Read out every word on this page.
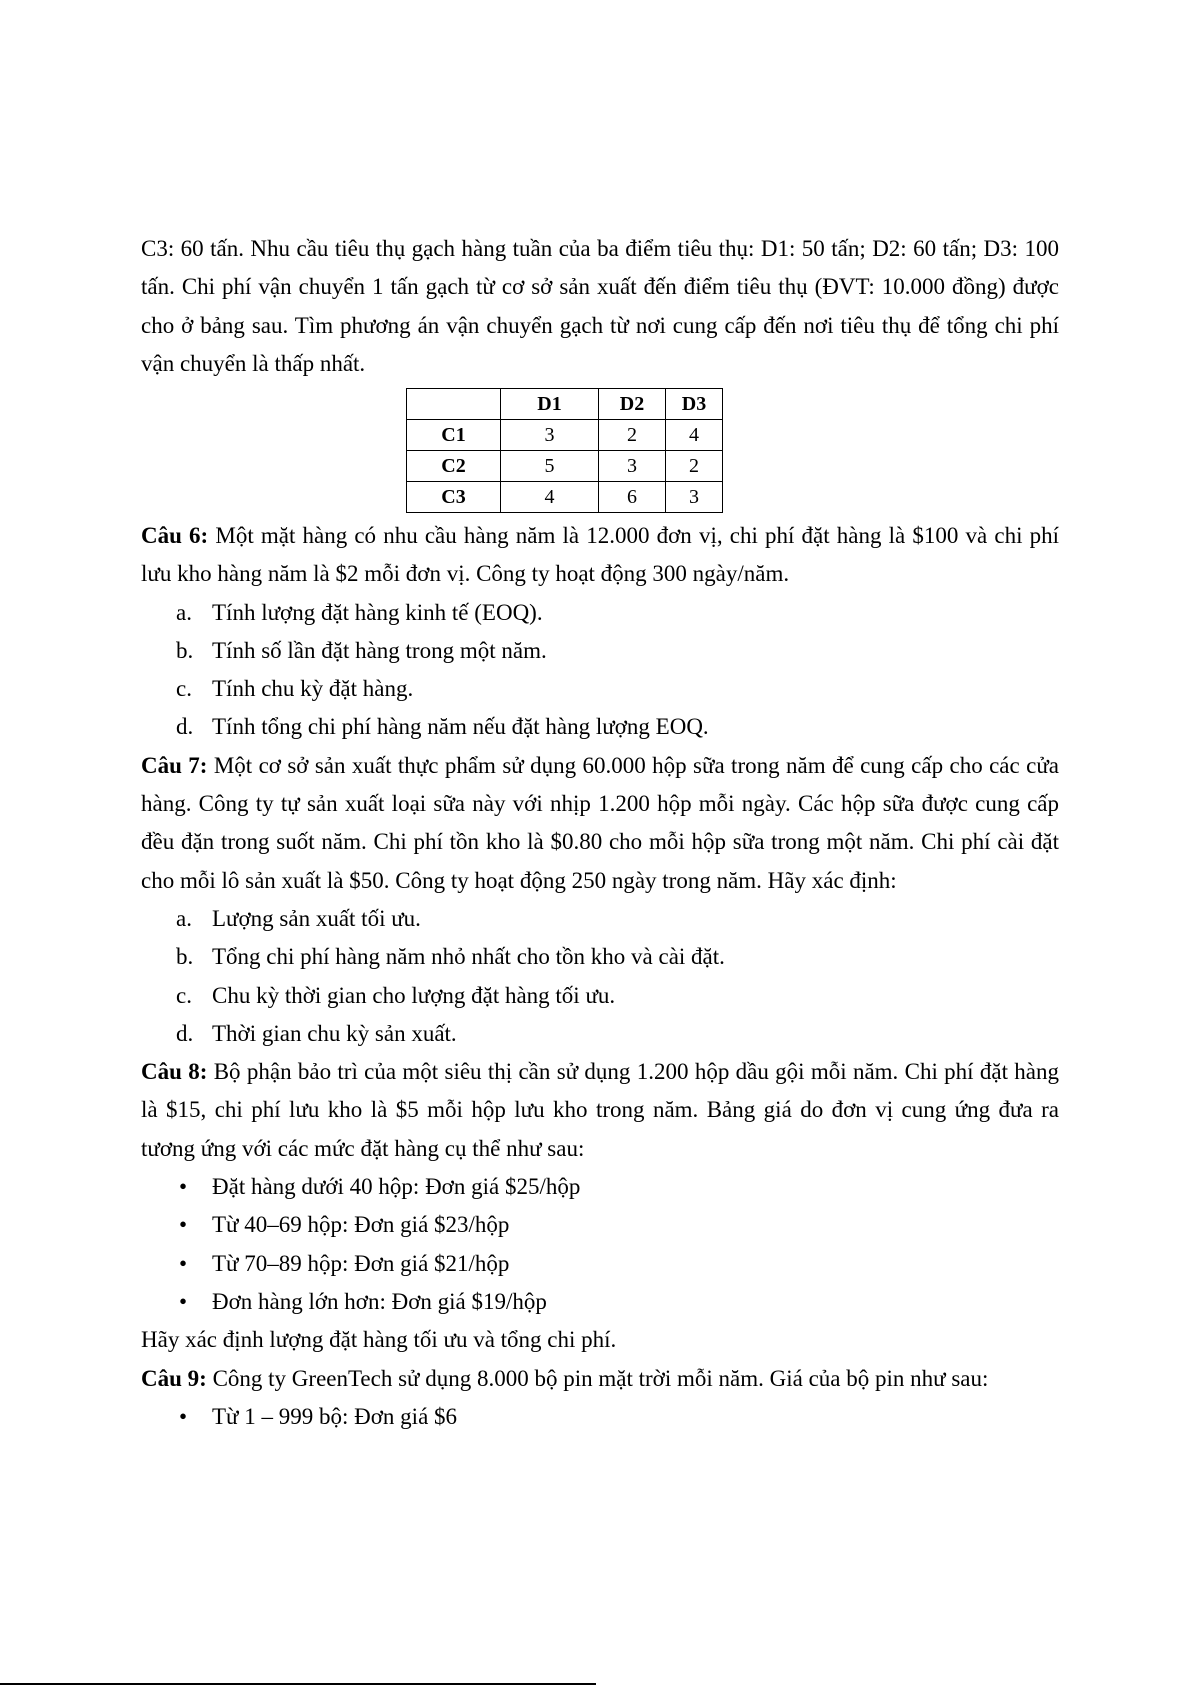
C3: 60 tấn. Nhu cầu tiêu thụ gạch hàng tuần của ba điểm tiêu thụ: D1: 50 tấn; D2: 60 tấn; D3: 100 tấn. Chi phí vận chuyển 1 tấn gạch từ cơ sở sản xuất đến điểm tiêu thụ (ĐVT: 10.000 đồng) được cho ở bảng sau. Tìm phương án vận chuyển gạch từ nơi cung cấp đến nơi tiêu thụ để tổng chi phí vận chuyển là thấp nhất.

	D1	D2	D3
C1	3	2	4
C2	5	3	2
C3	4	6	3

Câu 6: Một mặt hàng có nhu cầu hàng năm là 12.000 đơn vị, chi phí đặt hàng là $100 và chi phí lưu kho hàng năm là $2 mỗi đơn vị. Công ty hoạt động 300 ngày/năm.

a. Tính lượng đặt hàng kinh tế (EOQ).

b. Tính số lần đặt hàng trong một năm.

c. Tính chu kỳ đặt hàng.

d. Tính tổng chi phí hàng năm nếu đặt hàng lượng EOQ.

Câu 7: Một cơ sở sản xuất thực phẩm sử dụng 60.000 hộp sữa trong năm để cung cấp cho các cửa hàng. Công ty tự sản xuất loại sữa này với nhịp 1.200 hộp mỗi ngày. Các hộp sữa được cung cấp đều đặn trong suốt năm. Chi phí tồn kho là $0.80 cho mỗi hộp sữa trong một năm. Chi phí cài đặt cho mỗi lô sản xuất là $50. Công ty hoạt động 250 ngày trong năm. Hãy xác định:

a. Lượng sản xuất tối ưu.

b. Tổng chi phí hàng năm nhỏ nhất cho tồn kho và cài đặt.

c. Chu kỳ thời gian cho lượng đặt hàng tối ưu.

d. Thời gian chu kỳ sản xuất.

Câu 8: Bộ phận bảo trì của một siêu thị cần sử dụng 1.200 hộp dầu gội mỗi năm. Chi phí đặt hàng là $15, chi phí lưu kho là $5 mỗi hộp lưu kho trong năm. Bảng giá do đơn vị cung ứng đưa ra tương ứng với các mức đặt hàng cụ thể như sau:

• Đặt hàng dưới 40 hộp: Đơn giá $25/hộp

• Từ 40–69 hộp: Đơn giá $23/hộp

• Từ 70–89 hộp: Đơn giá $21/hộp

• Đơn hàng lớn hơn: Đơn giá $19/hộp

Hãy xác định lượng đặt hàng tối ưu và tổng chi phí.

Câu 9: Công ty GreenTech sử dụng 8.000 bộ pin mặt trời mỗi năm. Giá của bộ pin như sau:

• Từ 1 – 999 bộ: Đơn giá $6
